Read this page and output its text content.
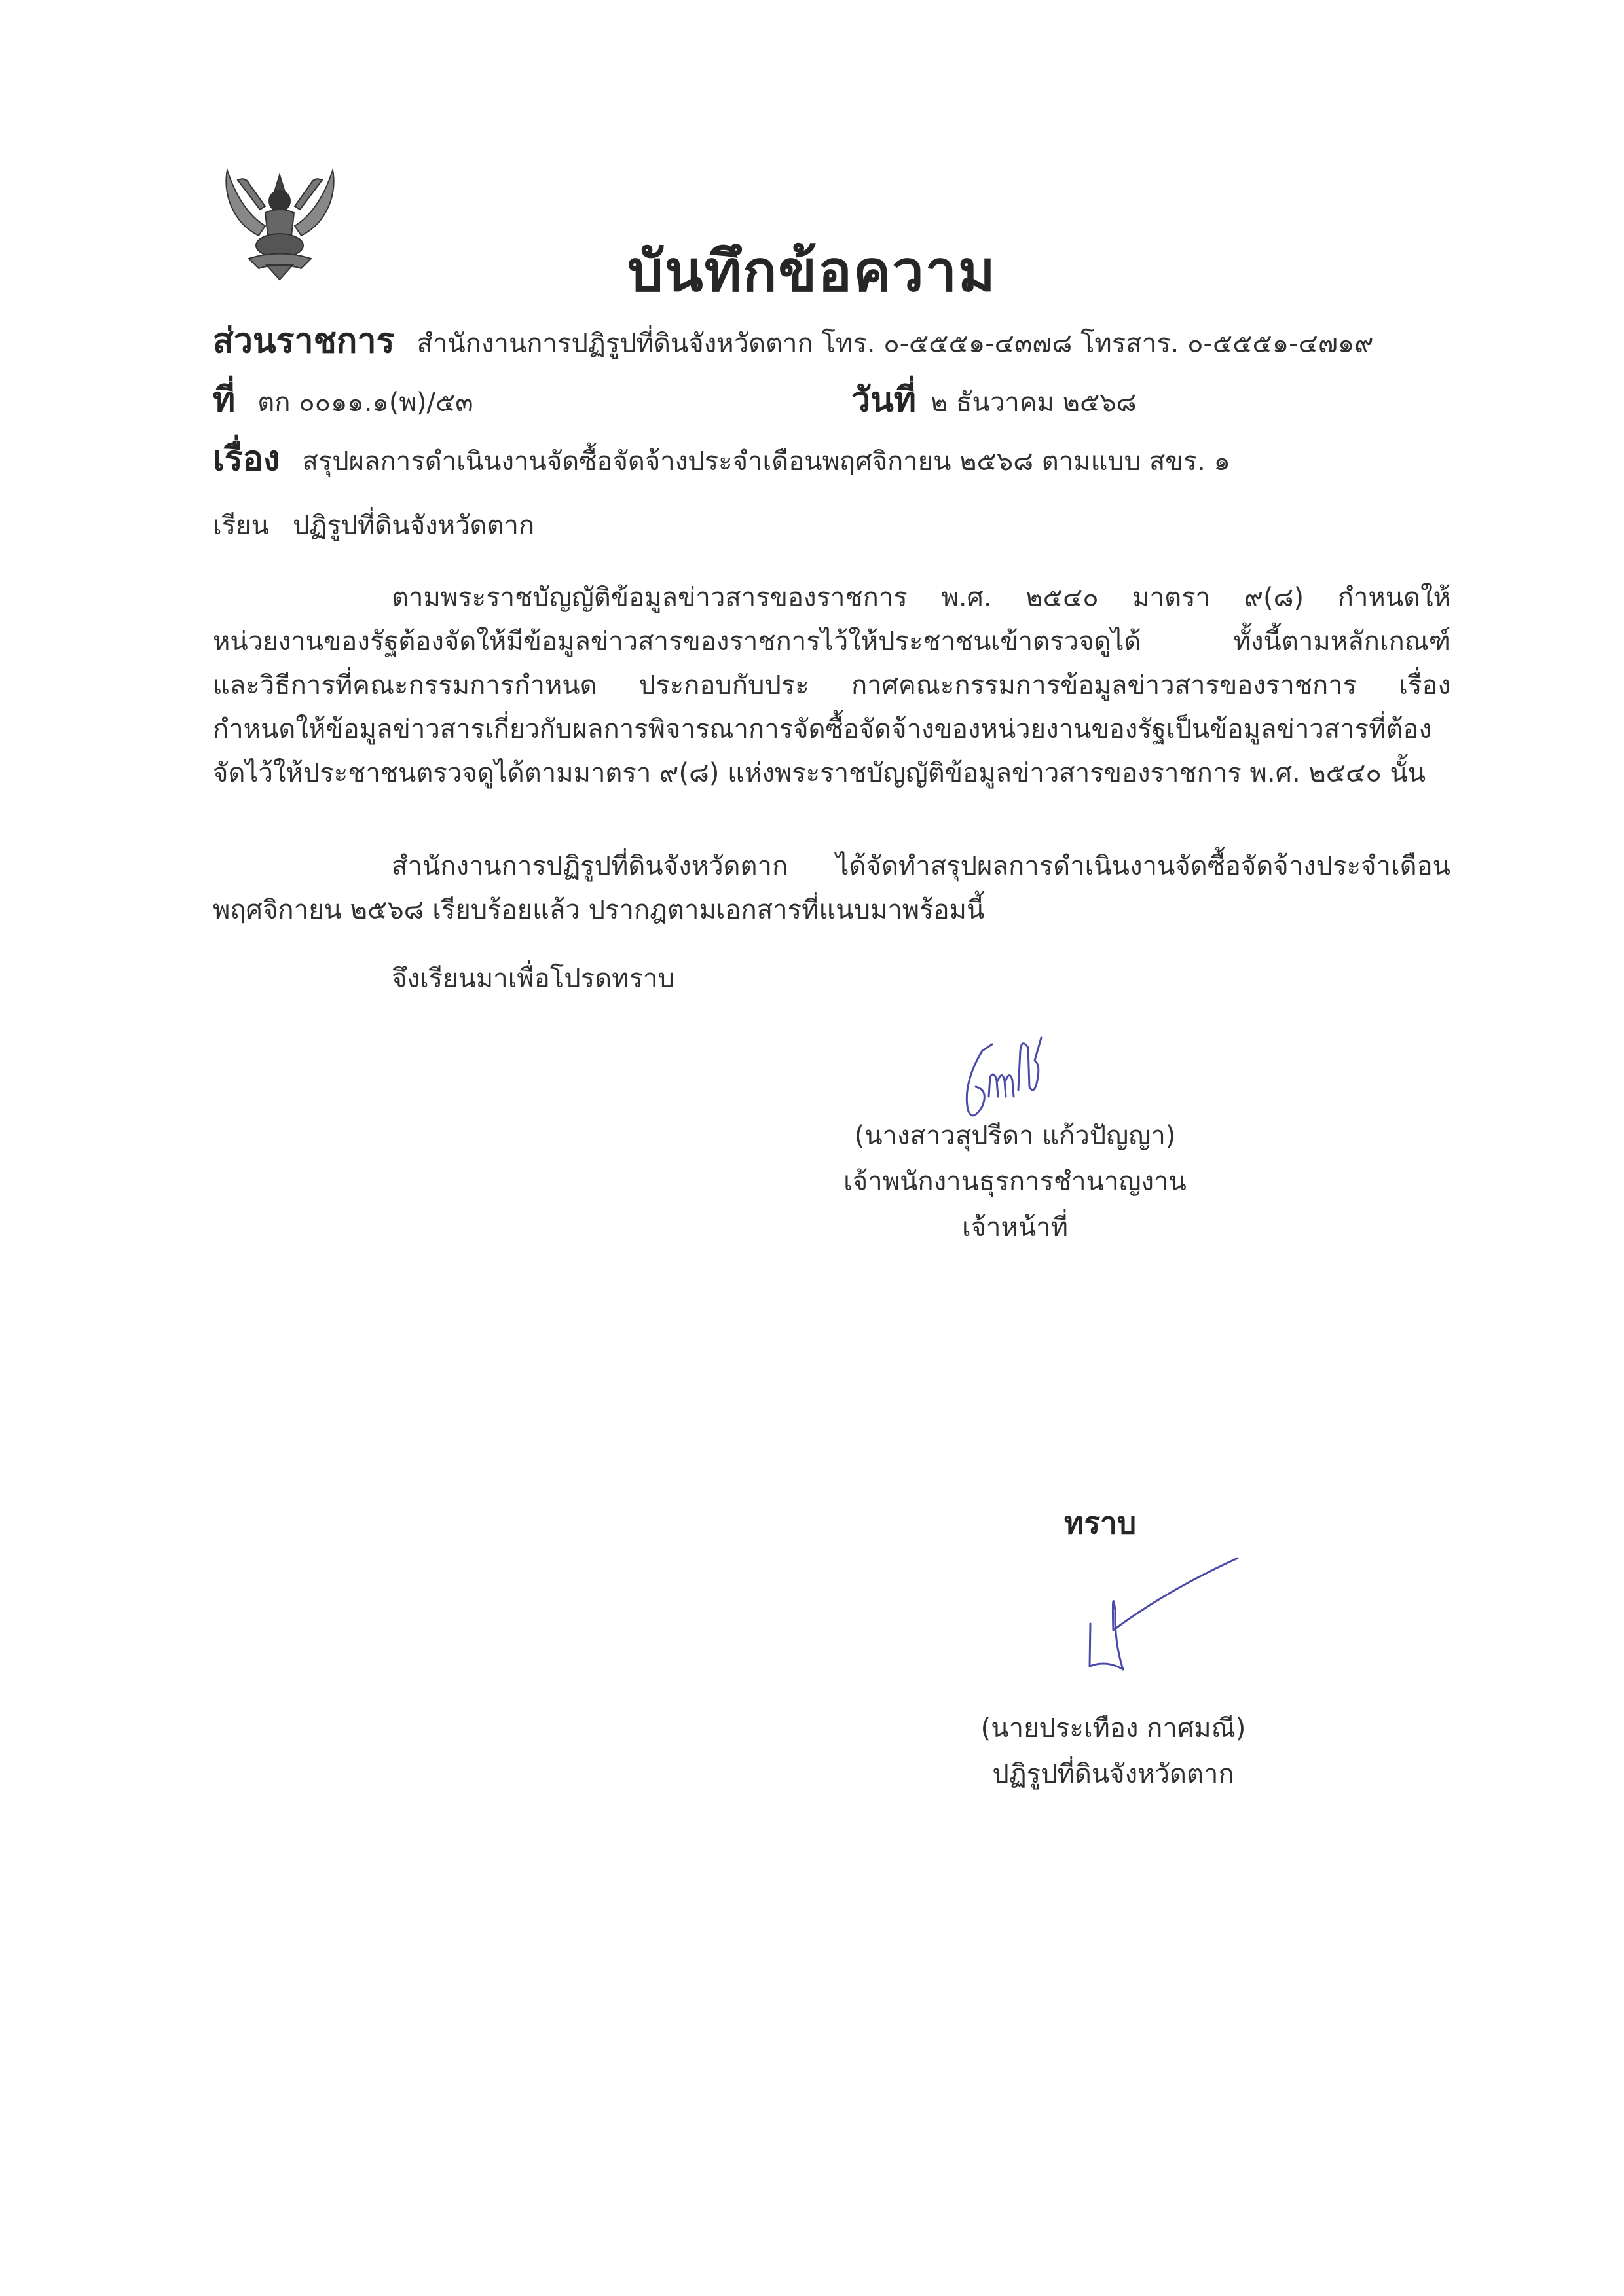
บันทึกข้อความ
ส่วนราชการ สำนักงานการปฏิรูปที่ดินจังหวัดตาก โทร. ๐-๕๕๕๑-๔๓๗๘ โทรสาร. ๐-๕๕๕๑-๔๗๑๙
ที่ ตก ๐๐๑๑.๑(พ)/๕๓	วันที่ ๒ ธันวาคม ๒๕๖๘
เรื่อง สรุปผลการดำเนินงานจัดซื้อจัดจ้างประจำเดือนพฤศจิกายน ๒๕๖๘ ตามแบบ สขร. ๑
เรียน ปฏิรูปที่ดินจังหวัดตาก
ตามพระราชบัญญัติข้อมูลข่าวสารของราชการ พ.ศ. ๒๕๔๐ มาตรา ๙(๘) กำหนดให้
หน่วยงานของรัฐต้องจัดให้มีข้อมูลข่าวสารของราชการไว้ให้ประชาชนเข้าตรวจดูได้ ทั้งนี้ตามหลักเกณฑ์
และวิธีการที่คณะกรรมการกำหนด ประกอบกับประ กาศคณะกรรมการข้อมูลข่าวสารของราชการ เรื่อง
กำหนดให้ข้อมูลข่าวสารเกี่ยวกับผลการพิจารณาการจัดซื้อจัดจ้างของหน่วยงานของรัฐเป็นข้อมูลข่าวสารที่ต้อง
จัดไว้ให้ประชาชนตรวจดูได้ตามมาตรา ๙(๘) แห่งพระราชบัญญัติข้อมูลข่าวสารของราชการ พ.ศ. ๒๕๔๐ นั้น
สำนักงานการปฏิรูปที่ดินจังหวัดตาก ได้จัดทำสรุปผลการดำเนินงานจัดซื้อจัดจ้างประจำเดือน
พฤศจิกายน ๒๕๖๘ เรียบร้อยแล้ว ปรากฎตามเอกสารที่แนบมาพร้อมนี้
จึงเรียนมาเพื่อโปรดทราบ
(นางสาวสุปรีดา แก้วปัญญา)
เจ้าพนักงานธุรการชำนาญงาน
เจ้าหน้าที่
ทราบ
(นายประเทือง กาศมณี)
ปฏิรูปที่ดินจังหวัดตาก
